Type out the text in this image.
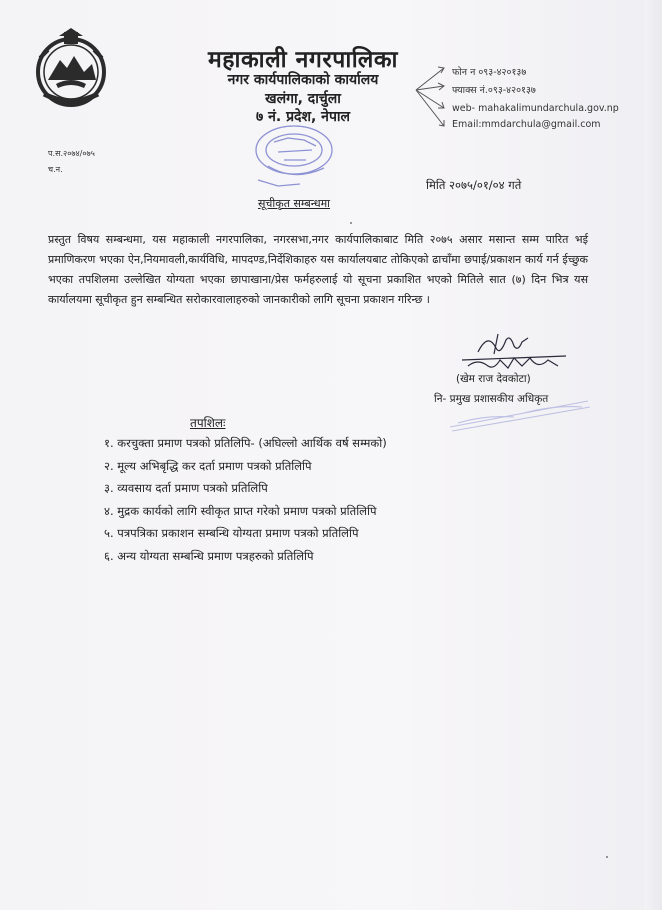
महाकाली नगरपालिका
नगर कार्यपालिकाको कार्यालय
खलंगा, दार्चुला
७ नं. प्रदेश, नेपाल
फोन न ०९३-४२०१३७
फ्याक्स नं.०९३-४२०१३७
web- mahakalimundarchula.gov.np
Email:mmdarchula@gmail.com
प.स.२०७४/०७५
च.न.
मिति २०७५/०१/०४ गते
सूचीकृत सम्बन्धमा
प्रस्तुत विषय सम्बन्धमा, यस महाकाली नगरपालिका, नगरसभा,नगर कार्यपालिकाबाट मिति २०७५ असार मसान्त सम्म पारित भई प्रमाणिकरण भएका ऐन,नियमावली,कार्यविधि, मापदण्ड,निर्देशिकाहरु यस कार्यालयबाट तोकिएको ढाचाँमा छपाई/प्रकाशन कार्य गर्न ईच्छुक भएका तपशिलमा उल्लेखित योग्यता भएका छापाखाना/प्रेस फर्महरुलाई यो सूचना प्रकाशित भएको मितिले सात (७) दिन भित्र यस कार्यालयमा सूचीकृत हुन सम्बन्धित सरोकारवालाहरुको जानकारीको लागि सूचना प्रकाशन गरिन्छ ।
(खेम राज देवकोटा)
नि- प्रमुख प्रशासकीय अधिकृत
तपशिलः
१. करचुक्ता प्रमाण पत्रको प्रतिलिपि- (अघिल्लो आर्थिक वर्ष सम्मको)
२. मूल्य अभिबृद्धि कर दर्ता प्रमाण पत्रको प्रतिलिपि
३. व्यवसाय दर्ता प्रमाण पत्रको प्रतिलिपि
४. मुद्रक कार्यको लागि स्वीकृत प्राप्त गरेको प्रमाण पत्रको प्रतिलिपि
५. पत्रपत्रिका प्रकाशन सम्बन्धि योग्यता प्रमाण पत्रको प्रतिलिपि
६. अन्य योग्यता सम्बन्धि प्रमाण पत्रहरुको प्रतिलिपि
